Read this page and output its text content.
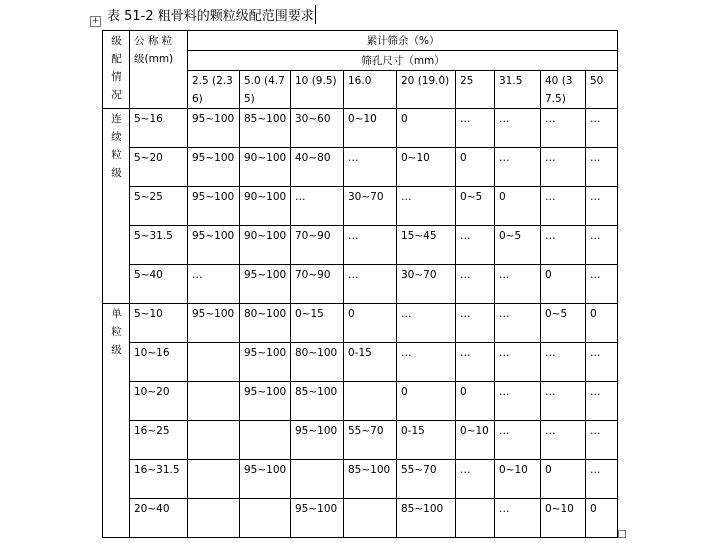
+ 表 51-2 粗骨料的颗粒级配范围要求
级配情况	公 称 粒 级(mm)	累计筛余（%）								
		筛孔尺寸（mm）								
		2.5 (2.36)	5.0 (4.75)	10 (9.5)	16.0	20 (19.0)	25	31.5	40 (37.5)	50

连续粒级	5~16	95~100	85~100	30~60	0~10	0	…	…	…	…
	5~20	95~100	90~100	40~80	…	0~10	0	…	…	…
	5~25	95~100	90~100	…	30~70	…	0~5	0	…	…
	5~31.5	95~100	90~100	70~90	…	15~45	…	0~5	…	…
	5~40	…	95~100	70~90	…	30~70	…	…	0	…

单粒级	5~10	95~100	80~100	0~15	0	…	…	…	0~5	0
	10~16		95~100	80~100	0-15	…	…	…	…	…
	10~20		95~100	85~100		0	0	…	…	…
	16~25			95~100	55~70	0-15	0~10	…	…	…
	16~31.5		95~100		85~100	55~70	…	0~10	0	…
	20~40			95~100		85~100		…	0~10	0
